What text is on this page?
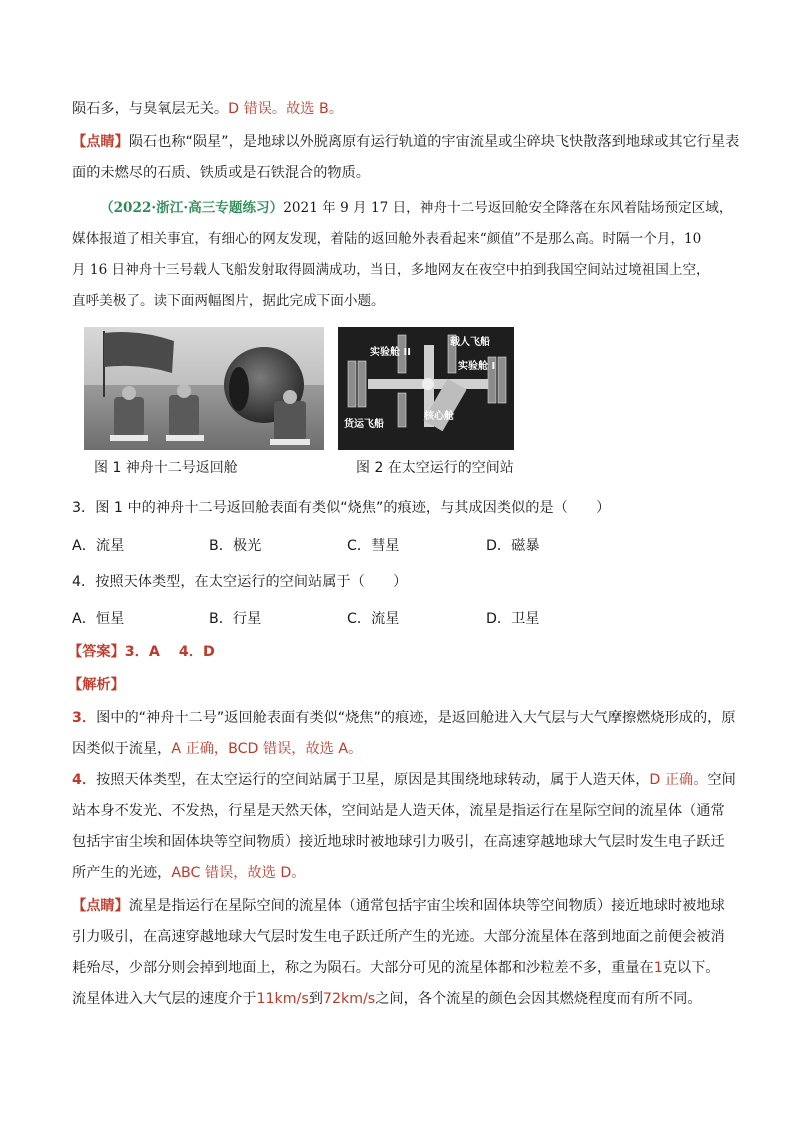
陨石多，与臭氧层无关。D 错误。故选 B。
【点睛】陨石也称“陨星”，是地球以外脱离原有运行轨道的宇宙流星或尘碎块飞快散落到地球或其它行星表
面的未燃尽的石质、铁质或是石铁混合的物质。
（2022·浙江·高三专题练习）2021 年 9 月 17 日，神舟十二号返回舱安全降落在东风着陆场预定区域，
媒体报道了相关事宜，有细心的网友发现，着陆的返回舱外表看起来“颜值”不是那么高。时隔一个月，10
月 16 日神舟十三号载人飞船发射取得圆满成功，当日，多地网友在夜空中拍到我国空间站过境祖国上空，
直呼美极了。读下面两幅图片，据此完成下面小题。
实验舱 II
载人飞船
实验舱 I
核心舱
货运飞船
图 1 神舟十二号返回舱	图 2 在太空运行的空间站
3．图 1 中的神舟十二号返回舱表面有类似“烧焦”的痕迹，与其成因类似的是（　　）
A．流星	B．极光	C．彗星	D．磁暴
4．按照天体类型，在太空运行的空间站属于（　　）
A．恒星	B．行星	C．流星	D．卫星
【答案】3．A　 4．D
【解析】
3．图中的“神舟十二号”返回舱表面有类似“烧焦”的痕迹，是返回舱进入大气层与大气摩擦燃烧形成的，原
因类似于流星，A 正确，BCD 错误，故选 A。
4．按照天体类型，在太空运行的空间站属于卫星，原因是其围绕地球转动，属于人造天体，D 正确。空间
站本身不发光、不发热，行星是天然天体，空间站是人造天体，流星是指运行在星际空间的流星体（通常
包括宇宙尘埃和固体块等空间物质）接近地球时被地球引力吸引，在高速穿越地球大气层时发生电子跃迁
所产生的光迹，ABC 错误，故选 D。
【点睛】流星是指运行在星际空间的流星体（通常包括宇宙尘埃和固体块等空间物质）接近地球时被地球
引力吸引，在高速穿越地球大气层时发生电子跃迁所产生的光迹。大部分流星体在落到地面之前便会被消
耗殆尽，少部分则会掉到地面上，称之为陨石。大部分可见的流星体都和沙粒差不多，重量在1克以下。
流星体进入大气层的速度介于11km/s到72km/s之间，各个流星的颜色会因其燃烧程度而有所不同。
